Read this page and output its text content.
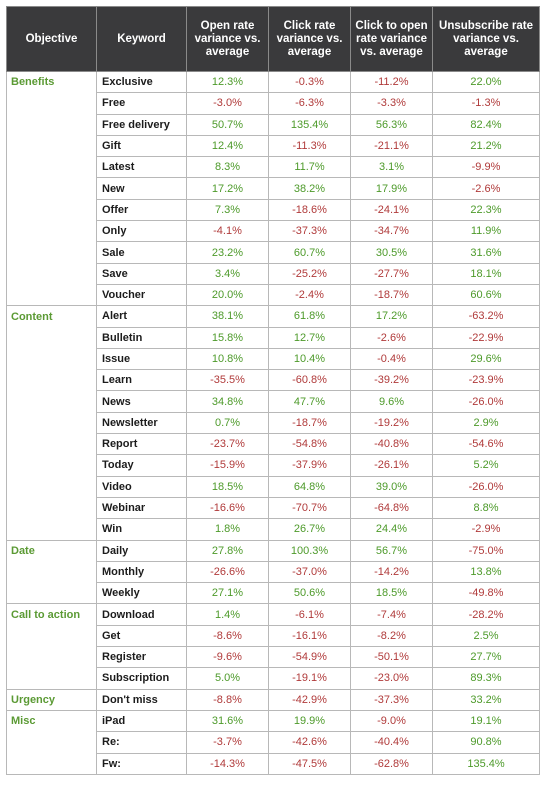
Objective	Keyword	Open rate variance vs. average	Click rate variance vs. average	Click to open rate variance vs. average	Unsubscribe rate variance vs. average
Benefits	Exclusive	12.3%	-0.3%	-11.2%	22.0%
	Free	-3.0%	-6.3%	-3.3%	-1.3%
	Free delivery	50.7%	135.4%	56.3%	82.4%
	Gift	12.4%	-11.3%	-21.1%	21.2%
	Latest	8.3%	11.7%	3.1%	-9.9%
	New	17.2%	38.2%	17.9%	-2.6%
	Offer	7.3%	-18.6%	-24.1%	22.3%
	Only	-4.1%	-37.3%	-34.7%	11.9%
	Sale	23.2%	60.7%	30.5%	31.6%
	Save	3.4%	-25.2%	-27.7%	18.1%
	Voucher	20.0%	-2.4%	-18.7%	60.6%
Content	Alert	38.1%	61.8%	17.2%	-63.2%
	Bulletin	15.8%	12.7%	-2.6%	-22.9%
	Issue	10.8%	10.4%	-0.4%	29.6%
	Learn	-35.5%	-60.8%	-39.2%	-23.9%
	News	34.8%	47.7%	9.6%	-26.0%
	Newsletter	0.7%	-18.7%	-19.2%	2.9%
	Report	-23.7%	-54.8%	-40.8%	-54.6%
	Today	-15.9%	-37.9%	-26.1%	5.2%
	Video	18.5%	64.8%	39.0%	-26.0%
	Webinar	-16.6%	-70.7%	-64.8%	8.8%
	Win	1.8%	26.7%	24.4%	-2.9%
Date	Daily	27.8%	100.3%	56.7%	-75.0%
	Monthly	-26.6%	-37.0%	-14.2%	13.8%
	Weekly	27.1%	50.6%	18.5%	-49.8%
Call to action	Download	1.4%	-6.1%	-7.4%	-28.2%
	Get	-8.6%	-16.1%	-8.2%	2.5%
	Register	-9.6%	-54.9%	-50.1%	27.7%
	Subscription	5.0%	-19.1%	-23.0%	89.3%
Urgency	Don't miss	-8.8%	-42.9%	-37.3%	33.2%
Misc	iPad	31.6%	19.9%	-9.0%	19.1%
	Re:	-3.7%	-42.6%	-40.4%	90.8%
	Fw:	-14.3%	-47.5%	-62.8%	135.4%
